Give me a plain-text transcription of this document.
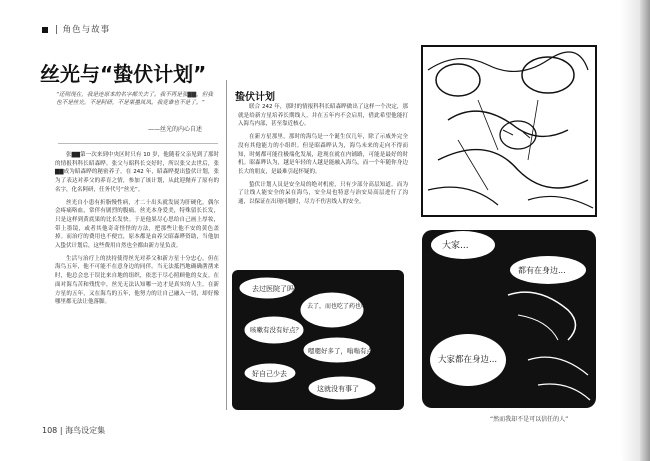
| 角色与故事
丝光与“蛰伏计划”
“还则现在，我是连原本的名字都失去了。我不再是张▇▇，但我也不是丝光，不是阿研，不是果墨凤凤。我竟谁也不是了。”
——丝光的内心自述

张▇▇第一次来到中央区时只有 10 岁，他随着父亲见到了那时的情报科科长昭森晔。张父与昭科长交好时，所以张父去世后，张▇▇成为昭森晔的秘密养子。在 242 年，昭森晔提出蛰伏计划，张为了表达对养父的养育之情，参加了该计划，从此迎抛弃了原有的名字，化名阿研，任务代号“丝光”。

丝光自小患有折脂慢性病，才二十出头就发展为肝硬化。偶尔会疼痛咯血，常伴有剧烈的腹痛。丝光本身爱美，特殊留长长发，只是这样到黄底果的比长发快。于是他果尽心思给自己画上厚妆，带上墨镜，或者其他奇奇怪怪的方法，把那些让他不安的黄色盖掉。而治疗的费用也不便宜，原本都是由养父昭森晔资助，当他加入蛰伏计划后，这些费用自然也全都由新方星负责。

生活与治疗上的扶持使得丝光对养父和新方星十分忠心，但在海鸟五年，他不可能不在意身边的同伴。当无法抵挡地确确凿凿来时，他总会忠于误比来自地的组织，依恋于尽心照顾他的女友。在面对海鸟苦和残忧中，丝光无法认知哪一边才是真实的人生。在新方星的五年，又在海鸟的五年，他努力的让自己融入一切，却好像哪里都无法让他落脚。

蛰伏计划

联合 242 年，那时的情报科科长昭森晔做出了这样一个决定，那就是给新方星培养长期线人，并在五年内不会启用，借此希望他能打入海鸟内部，甚至靠近核心。

在新方星那里，那时的海鸟是一个诞生仅几年，除了示威外完全没有其他能力的小组织。但是昭森晔认为，海鸟未来的走向不得而知，时刻都可能往极端化发展，趁现在就在内铺路，可能是最好的时机。昭森晔认为，越是年轻的人越是能融入海鸟，而一个年随你身边长大的朋友，是最难引起怀疑的。

蛰伏计划人员是安全局的绝对机密，只有少部分高层知道。而为了让线人能安全的呆在海鸟，安全局也特意与治安局高层进行了沟通，以保证在出现问题时，尽力不伤害线人的安全。

去过医院了吗？
去了，而也吃了药也吃了
咳嗽有没有好点？
嗯嗯好多了，嗡嗡有点心
好自己少去
这就没有事了
大家...
都有在身边...
大家都在身边...
“然而我却不是可以信任的人”
108 | 海鸟设定集
